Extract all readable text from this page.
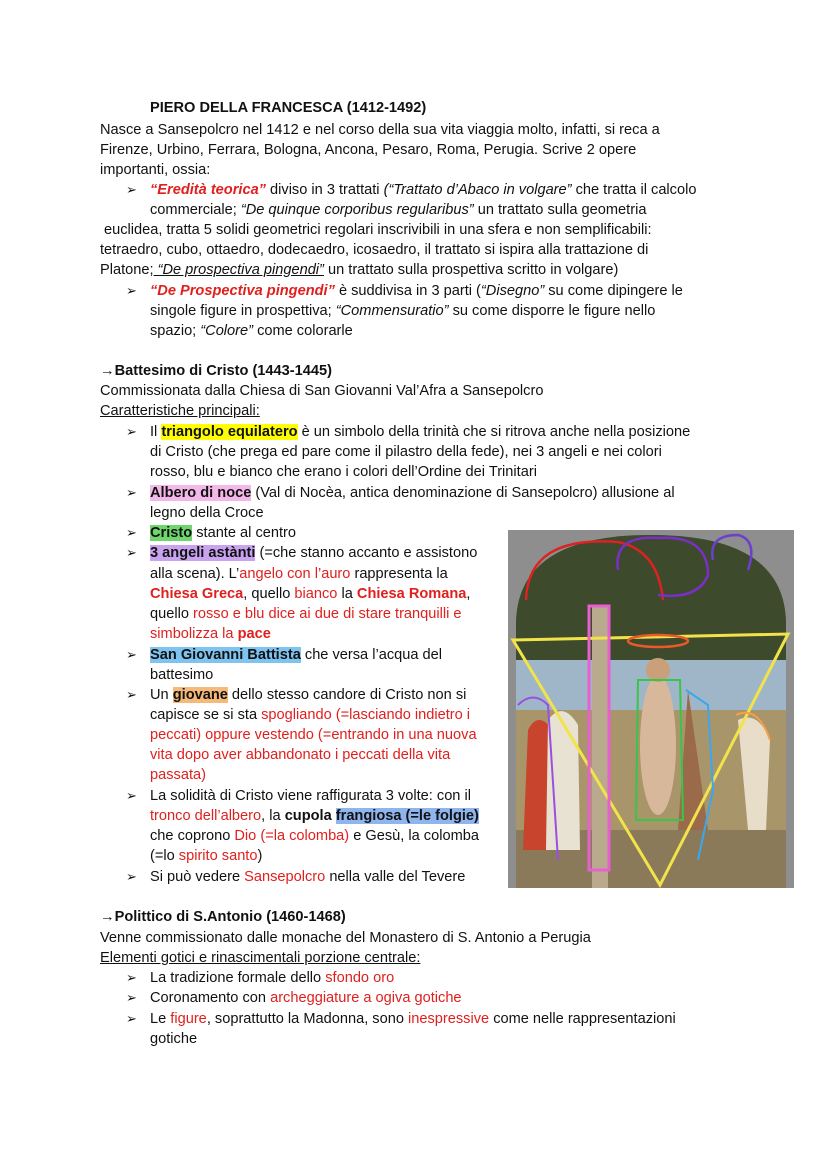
PIERO DELLA FRANCESCA (1412-1492)
Nasce a Sansepolcro nel 1412 e nel corso della sua vita viaggia molto, infatti, si reca a
Firenze, Urbino, Ferrara, Bologna, Ancona, Pesaro, Roma, Perugia. Scrive 2 opere
importanti, ossia:
➢ “Eredità teorica” diviso in 3 trattati (“Trattato d’Abaco in volgare” che tratta il calcolo
commerciale; “De quinque corporibus regularibus” un trattato sulla geometria
euclidea, tratta 5 solidi geometrici regolari inscrivibili in una sfera e non semplificabili:
tetraedro, cubo, ottaedro, dodecaedro, icosaedro, il trattato si ispira alla trattazione di
Platone; “De prospectiva pingendi” un trattato sulla prospettiva scritto in volgare)
➢ “De Prospectiva pingendi” è suddivisa in 3 parti (“Disegno” su come dipingere le
singole figure in prospettiva; “Commensuratio” su come disporre le figure nello
spazio; “Colore” come colorarle
→Battesimo di Cristo (1443-1445)
Commissionata dalla Chiesa di San Giovanni Val’Afra a Sansepolcro
Caratteristiche principali:
➢ Il triangolo equilatero è un simbolo della trinità che si ritrova anche nella posizione
di Cristo (che prega ed pare come il pilastro della fede), nei 3 angeli e nei colori
rosso, blu e bianco che erano i colori dell’Ordine dei Trinitari
➢ Albero di noce (Val di Nocèa, antica denominazione di Sansepolcro) allusione al
legno della Croce
➢ Cristo stante al centro
➢ 3 angeli astànti (=che stanno accanto e assistono
alla scena). L’angelo con l’auro rappresenta la
Chiesa Greca, quello bianco la Chiesa Romana,
quello rosso e blu dice ai due di stare tranquilli e
simbolizza la pace
➢ San Giovanni Battista che versa l’acqua del
battesimo
➢ Un giovane dello stesso candore di Cristo non si
capisce se si sta spogliando (=lasciando indietro i
peccati) oppure vestendo (=entrando in una nuova
vita dopo aver abbandonato i peccati della vita
passata)
➢ La solidità di Cristo viene raffigurata 3 volte: con il
tronco dell’albero, la cupola frangiosa (=le folgie)
che coprono Dio (=la colomba) e Gesù, la colomba
(=lo spirito santo)
➢ Si può vedere Sansepolcro nella valle del Tevere
→Polittico di S.Antonio (1460-1468)
Venne commissionato dalle monache del Monastero di S. Antonio a Perugia
Elementi gotici e rinascimentali porzione centrale:
➢ La tradizione formale dello sfondo oro
➢ Coronamento con archeggiature a ogiva gotiche
➢ Le figure, soprattutto la Madonna, sono inespressive come nelle rappresentazioni
gotiche
